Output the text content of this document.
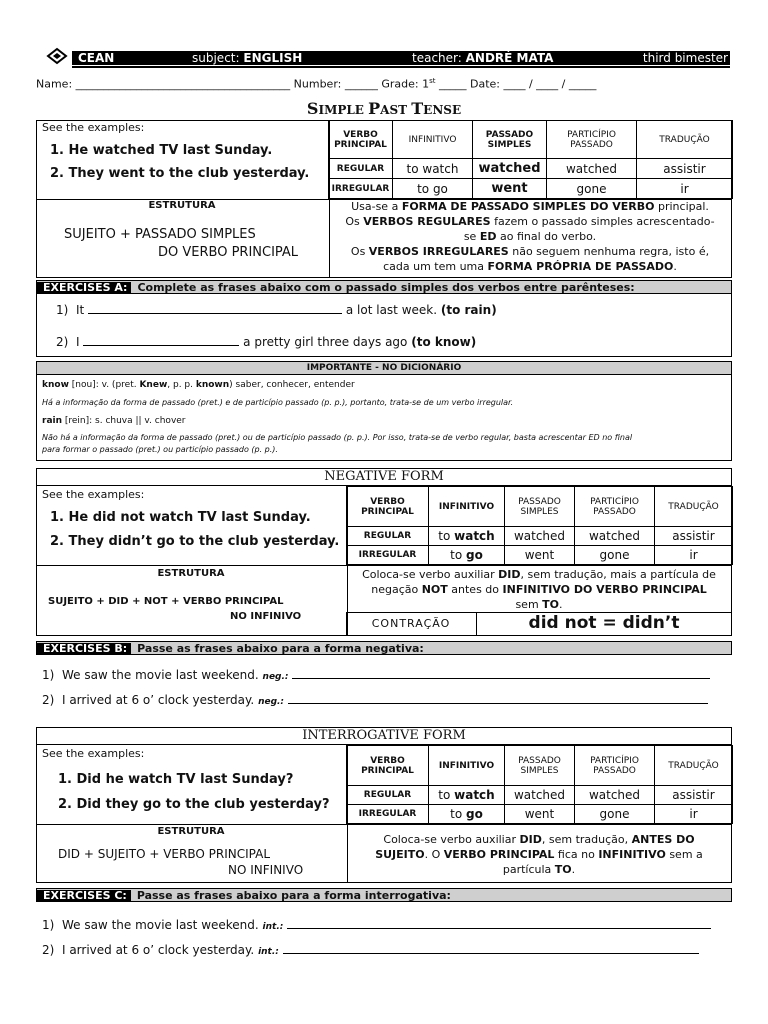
CEAN	subject: ENGLISH	teacher: ANDRÉ MATA	third bimester
Name: _______________________________________ Number: ______ Grade: 1st _____ Date: ____ / ____ / _____
SIMPLE PAST TENSE
See the examples:
1. He watched TV last Sunday.
2. They went to the club yesterday.
VERBO PRINCIPAL	INFINITIVO	PASSADO SIMPLES	PARTICÍPIO PASSADO	TRADUÇÃO
REGULAR	to watch	watched	watched	assistir
IRREGULAR	to go	went	gone	ir
ESTRUTURA
SUJEITO + PASSADO SIMPLES
DO VERBO PRINCIPAL
Usa-se a FORMA DE PASSADO SIMPLES DO VERBO principal.
Os VERBOS REGULARES fazem o passado simples acrescentado-
se ED ao final do verbo.
Os VERBOS IRREGULARES não seguem nenhuma regra, isto é,
cada um tem uma FORMA PRÓPRIA DE PASSADO.
EXERCISES A: Complete as frases abaixo com o passado simples dos verbos entre parênteses:
1) It	a lot last week. (to rain)
2) I	a pretty girl three days ago (to know)
IMPORTANTE - NO DICIONÁRIO
know [nou]: v. (pret. Knew, p. p. known) saber, conhecer, entender
Há a informação da forma de passado (pret.) e de particípio passado (p. p.), portanto, trata-se de um verbo irregular.
rain [rein]: s. chuva || v. chover
Não há a informação da forma de passado (pret.) ou de particípio passado (p. p.). Por isso, trata-se de verbo regular, basta acrescentar ED no final
para formar o passado (pret.) ou particípio passado (p. p.).
NEGATIVE FORM
See the examples:
1. He did not watch TV last Sunday.
2. They didn’t go to the club yesterday.
VERBO PRINCIPAL	INFINITIVO	PASSADO SIMPLES	PARTICÍPIO PASSADO	TRADUÇÃO
REGULAR	to watch	watched	watched	assistir
IRREGULAR	to go	went	gone	ir
ESTRUTURA
SUJEITO + DID + NOT + VERBO PRINCIPAL
NO INFINIVO
Coloca-se verbo auxiliar DID, sem tradução, mais a partícula de
negação NOT antes do INFINITIVO DO VERBO PRINCIPAL
sem TO.
CONTRAÇÃO	did not = didn’t
EXERCISES B: Passe as frases abaixo para a forma negativa:
1) We saw the movie last weekend. neg.:
2) I arrived at 6 o’ clock yesterday. neg.:
INTERROGATIVE FORM
See the examples:
1. Did he watch TV last Sunday?
2. Did they go to the club yesterday?
VERBO PRINCIPAL	INFINITIVO	PASSADO SIMPLES	PARTICÍPIO PASSADO	TRADUÇÃO
REGULAR	to watch	watched	watched	assistir
IRREGULAR	to go	went	gone	ir
ESTRUTURA
DID + SUJEITO + VERBO PRINCIPAL
NO INFINIVO
Coloca-se verbo auxiliar DID, sem tradução, ANTES DO
SUJEITO. O VERBO PRINCIPAL fica no INFINITIVO sem a
partícula TO.
EXERCISES C: Passe as frases abaixo para a forma interrogativa:
1) We saw the movie last weekend. int.:
2) I arrived at 6 o’ clock yesterday. int.:
